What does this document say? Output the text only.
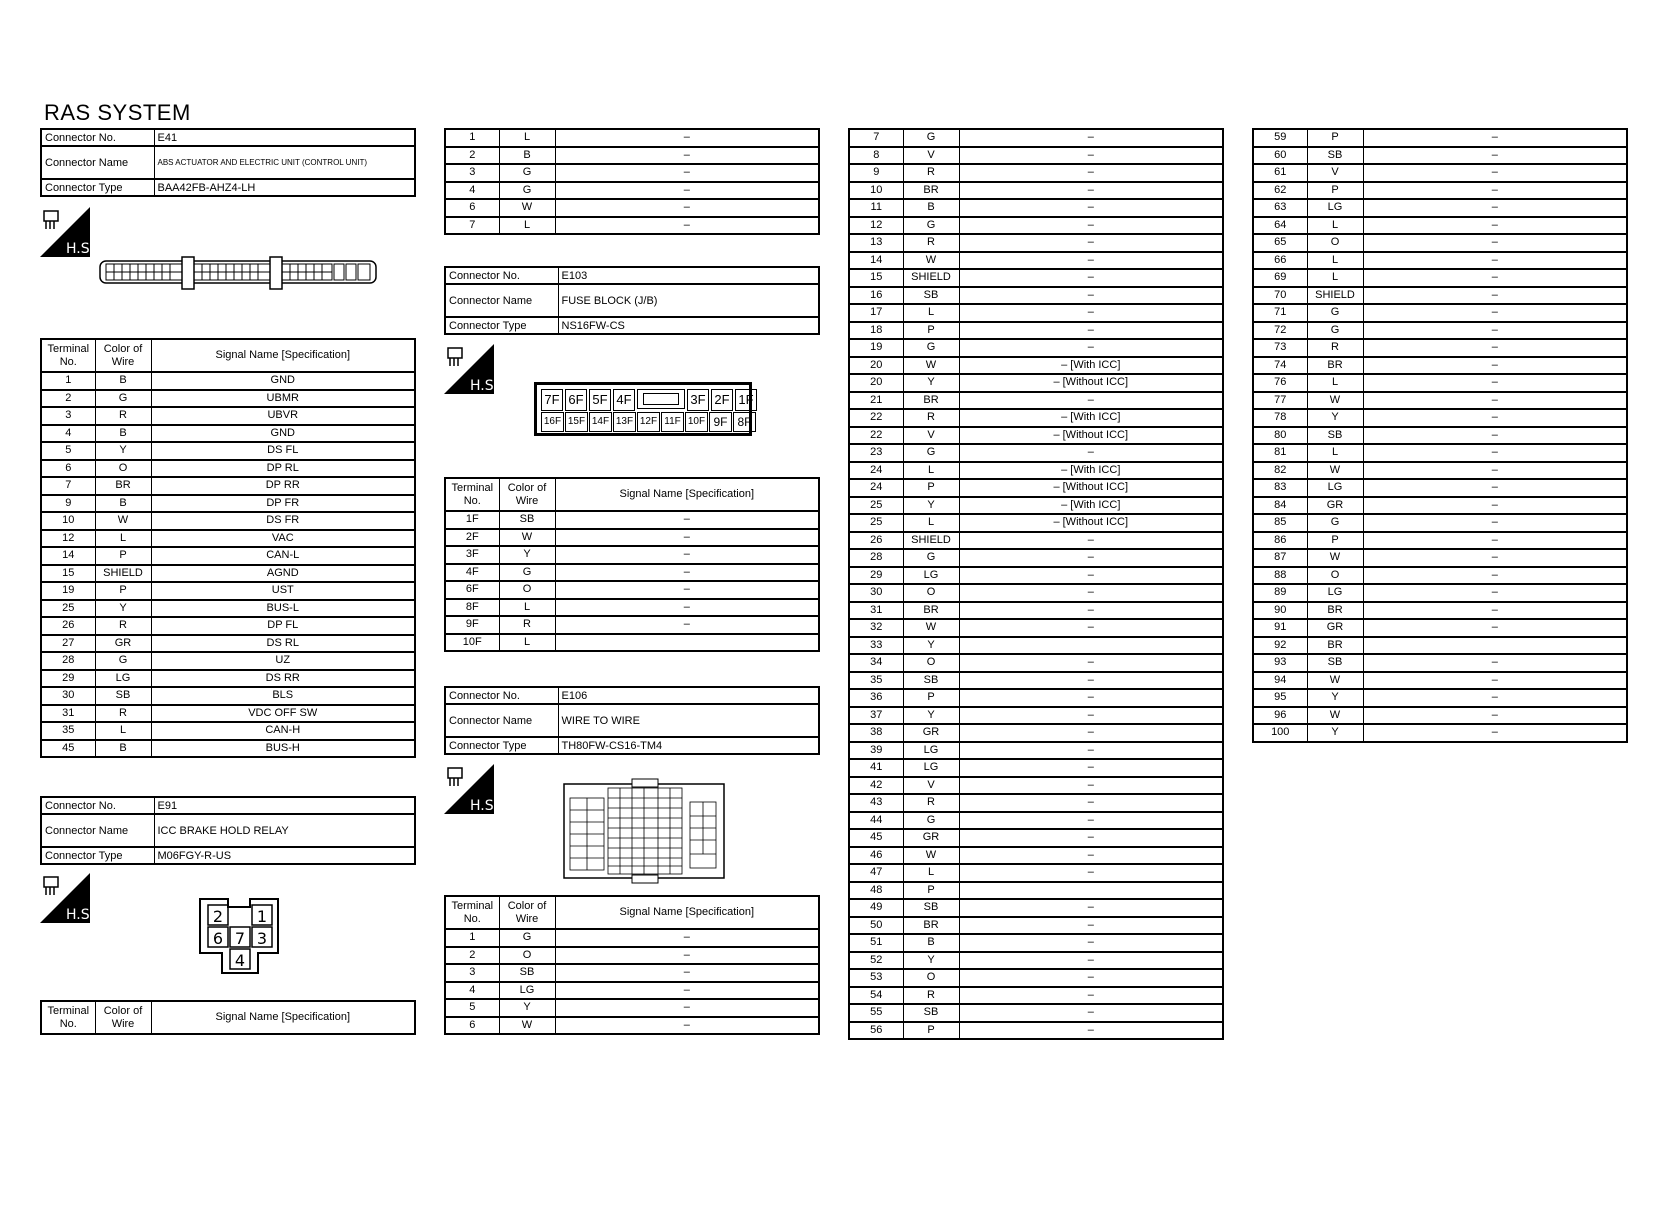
RAS SYSTEM
Connector No.	E41
Connector Name	ABS ACTUATOR AND ELECTRIC UNIT (CONTROL UNIT)
Connector Type	BAA42FB-AHZ4-LH
H.S.
Terminal No.	Color of Wire	Signal Name [Specification]
1	B	GND
2	G	UBMR
3	R	UBVR
4	B	GND
5	Y	DS FL
6	O	DP RL
7	BR	DP RR
9	B	DP FR
10	W	DS FR
12	L	VAC
14	P	CAN-L
15	SHIELD	AGND
19	P	UST
25	Y	BUS-L
26	R	DP FL
27	GR	DS RL
28	G	UZ
29	LG	DS RR
30	SB	BLS
31	R	VDC OFF SW
35	L	CAN-H
45	B	BUS-H
Connector No.	E91
Connector Name	ICC BRAKE HOLD RELAY
Connector Type	M06FGY-R-US
H.S.	2 1
6 7 3
4
Terminal No.	Color of Wire	Signal Name [Specification]
1	L	–
2	B	–
3	G	–
4	G	–
6	W	–
7	L	–
Connector No.	E103
Connector Name	FUSE BLOCK (J/B)
Connector Type	NS16FW-CS
H.S.
7F 6F 5F 4F	3F 2F 1F
16F 15F 14F 13F 12F 11F 10F 9F 8F
Terminal No.	Color of Wire	Signal Name [Specification]
1F	SB	–
2F	W	–
3F	Y	–
4F	G	–
6F	O	–
8F	L	–
9F	R	–
10F	L	
Connector No.	E106
Connector Name	WIRE TO WIRE
Connector Type	TH80FW-CS16-TM4
H.S.
Terminal No.	Color of Wire	Signal Name [Specification]
1	G	–
2	O	–
3	SB	–
4	LG	–
5	Y	–
6	W	–
7	G	–
8	V	–
9	R	–
10	BR	–
11	B	–
12	G	–
13	R	–
14	W	–
15	SHIELD	–
16	SB	–
17	L	–
18	P	–
19	G	–
20	W	– [With ICC]
20	Y	– [Without ICC]
21	BR	–
22	R	– [With ICC]
22	V	– [Without ICC]
23	G	–
24	L	– [With ICC]
24	P	– [Without ICC]
25	Y	– [With ICC]
25	L	– [Without ICC]
26	SHIELD	–
28	G	–
29	LG	–
30	O	–
31	BR	–
32	W	–
33	Y	
34	O	–
35	SB	–
36	P	–
37	Y	–
38	GR	–
39	LG	–
41	LG	–
42	V	–
43	R	–
44	G	–
45	GR	–
46	W	–
47	L	–
48	P	
49	SB	–
50	BR	–
51	B	–
52	Y	–
53	O	–
54	R	–
55	SB	–
56	P	–
59	P	–
60	SB	–
61	V	–
62	P	–
63	LG	–
64	L	–
65	O	–
66	L	–
69	L	–
70	SHIELD	–
71	G	–
72	G	–
73	R	–
74	BR	–
76	L	–
77	W	–
78	Y	–
80	SB	–
81	L	–
82	W	–
83	LG	–
84	GR	–
85	G	–
86	P	–
87	W	–
88	O	–
89	LG	–
90	BR	–
91	GR	–
92	BR	
93	SB	–
94	W	–
95	Y	–
96	W	–
100	Y	–
